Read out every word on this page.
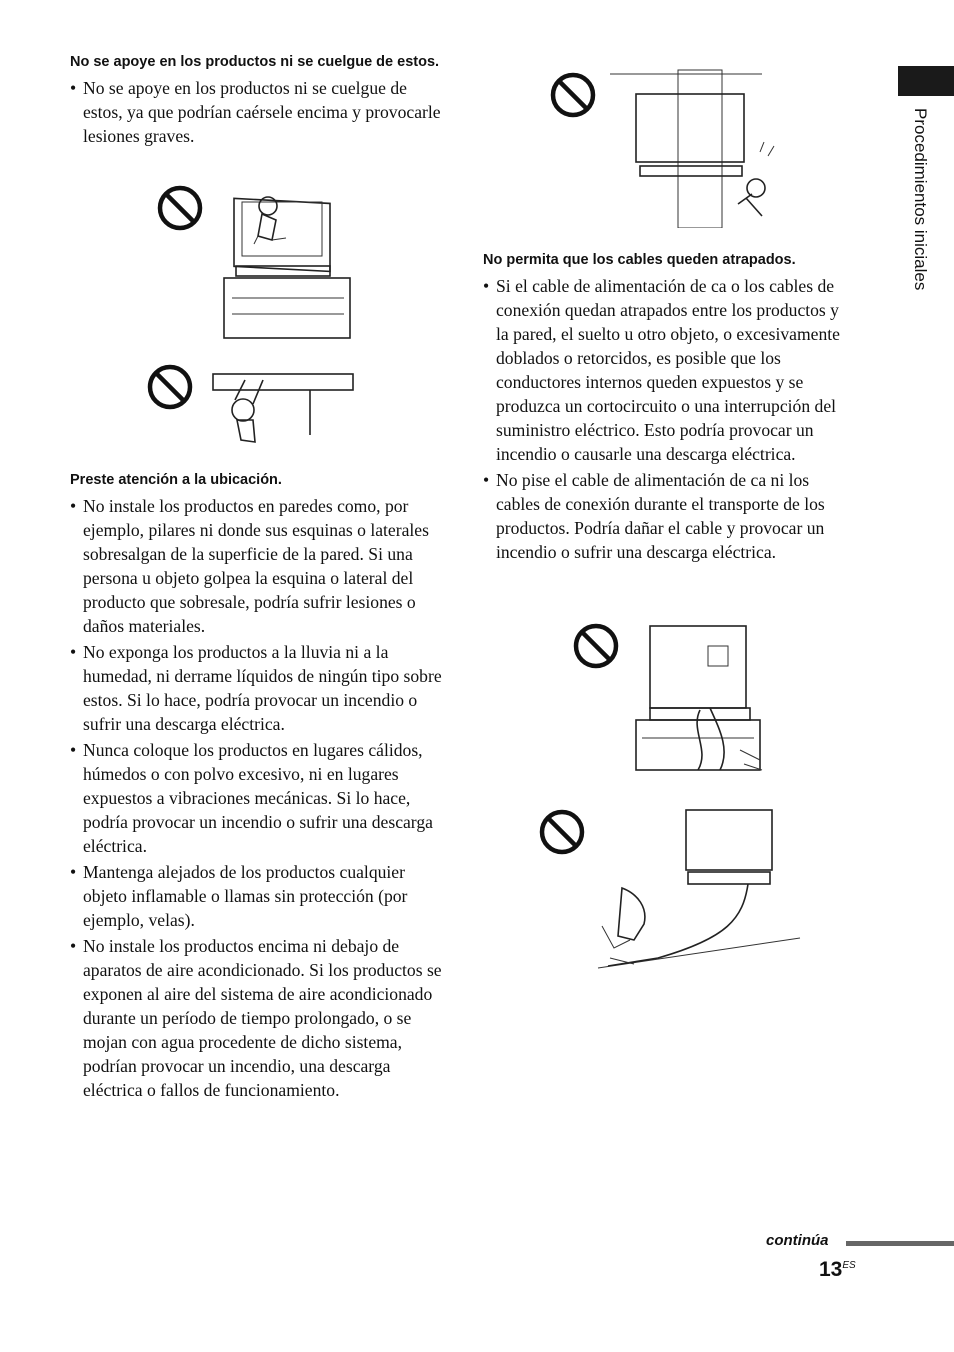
No se apoye en los productos ni se cuelgue de estos.

• No se apoye en los productos ni se cuelgue de estos, ya que podrían caérsele encima y provocarle lesiones graves.

Preste atención a la ubicación.

• No instale los productos en paredes como, por ejemplo, pilares ni donde sus esquinas o laterales sobresalgan de la superficie de la pared. Si una persona u objeto golpea la esquina o lateral del producto que sobresale, podría sufrir lesiones o daños materiales.
• No exponga los productos a la lluvia ni a la humedad, ni derrame líquidos de ningún tipo sobre estos. Si lo hace, podría provocar un incendio o sufrir una descarga eléctrica.
• Nunca coloque los productos en lugares cálidos, húmedos o con polvo excesivo, ni en lugares expuestos a vibraciones mecánicas. Si lo hace, podría provocar un incendio o sufrir una descarga eléctrica.
• Mantenga alejados de los productos cualquier objeto inflamable o llamas sin protección (por ejemplo, velas).
• No instale los productos encima ni debajo de aparatos de aire acondicionado. Si los productos se exponen al aire del sistema de aire acondicionado durante un período de tiempo prolongado, o se mojan con agua procedente de dicho sistema, podrían provocar un incendio, una descarga eléctrica o fallos de funcionamiento.

No permita que los cables queden atrapados.

• Si el cable de alimentación de ca o los cables de conexión quedan atrapados entre los productos y la pared, el suelto u otro objeto, o excesivamente doblados o retorcidos, es posible que los conductores internos queden expuestos y se produzca un cortocircuito o una interrupción del suministro eléctrico. Esto podría provocar un incendio o causarle una descarga eléctrica.
• No pise el cable de alimentación de ca ni los cables de conexión durante el transporte de los productos. Podría dañar el cable y provocar un incendio o sufrir una descarga eléctrica.
Procedimientos iniciales
continúa
$13^{ES}$
